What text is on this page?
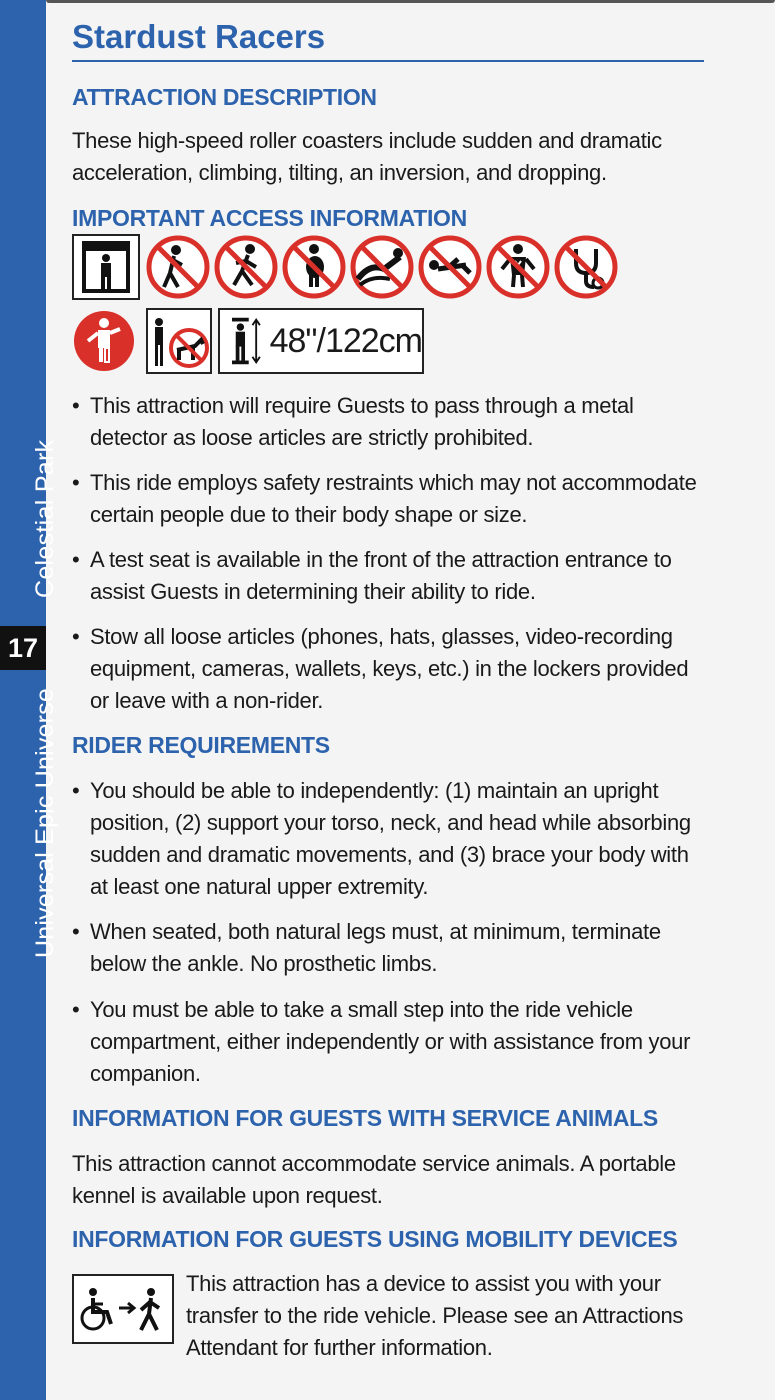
Celestial Park
17
Universal Epic Universe
Stardust Racers
ATTRACTION DESCRIPTION
These high-speed roller coasters include sudden and dramatic acceleration, climbing, tilting, an inversion, and dropping.
IMPORTANT ACCESS INFORMATION
48"/122cm
• This attraction will require Guests to pass through a metal detector as loose articles are strictly prohibited.
• This ride employs safety restraints which may not accommodate certain people due to their body shape or size.
• A test seat is available in the front of the attraction entrance to assist Guests in determining their ability to ride.
• Stow all loose articles (phones, hats, glasses, video-recording equipment, cameras, wallets, keys, etc.) in the lockers provided or leave with a non-rider.
RIDER REQUIREMENTS
• You should be able to independently: (1) maintain an upright position, (2) support your torso, neck, and head while absorbing sudden and dramatic movements, and (3) brace your body with at least one natural upper extremity.
• When seated, both natural legs must, at minimum, terminate below the ankle. No prosthetic limbs.
• You must be able to take a small step into the ride vehicle compartment, either independently or with assistance from your companion.
INFORMATION FOR GUESTS WITH SERVICE ANIMALS
This attraction cannot accommodate service animals. A portable kennel is available upon request.
INFORMATION FOR GUESTS USING MOBILITY DEVICES
This attraction has a device to assist you with your transfer to the ride vehicle. Please see an Attractions Attendant for further information.
